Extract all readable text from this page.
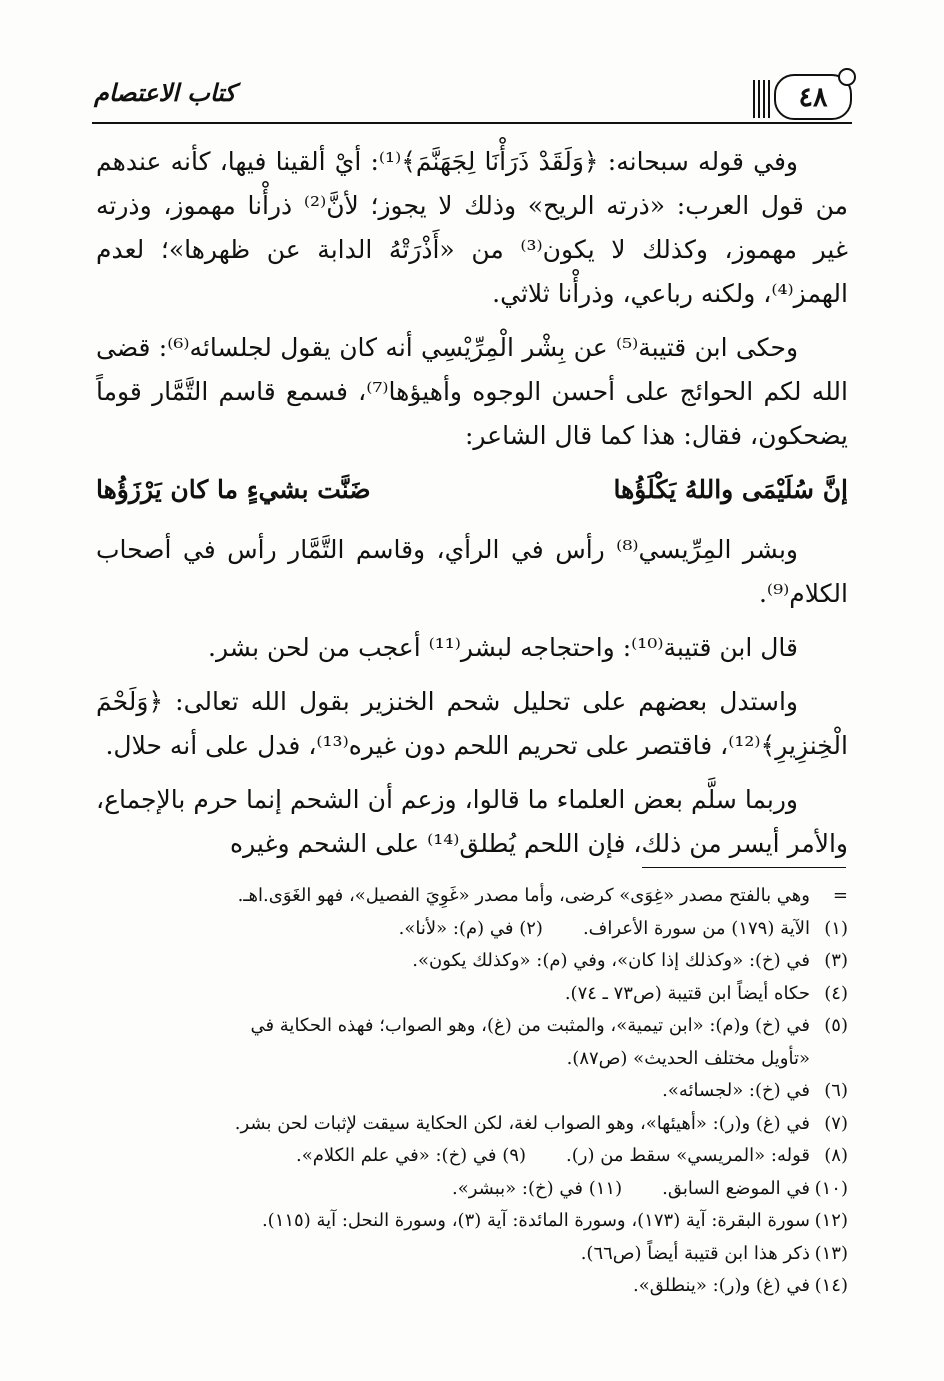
٤٨
كتاب الاعتصام

وفي قوله سبحانه: ﴿وَلَقَدْ ذَرَأْنَا لِجَهَنَّمَ﴾⁽¹⁾: أيْ ألقينا فيها، كأنه عندهم من قول العرب: «ذرته الريح» وذلك لا يجوز؛ لأنَّ⁽²⁾ ذرأْنا مهموز، وذرته غير مهموز، وكذلك لا يكون⁽³⁾ من «أَذْرَتْهُ الدابة عن ظهرها»؛ لعدم الهمز⁽⁴⁾، ولكنه رباعي، وذرأْنا ثلاثي.

وحكى ابن قتيبة⁽⁵⁾ عن بِشْر الْمِرِّيْسِي أنه كان يقول لجلسائه⁽⁶⁾: قضى الله لكم الحوائج على أحسن الوجوه وأهيؤها⁽⁷⁾، فسمع قاسم التَّمَّار قوماً يضحكون، فقال: هذا كما قال الشاعر:

إنَّ سُلَيْمَى واللهُ يَكْلَؤُها
ضَنَّت بشيءٍ ما كان يَرْزَؤُها

وبشر المِرِّيسي⁽⁸⁾ رأس في الرأي، وقاسم التَّمَّار رأس في أصحاب الكلام⁽⁹⁾.

قال ابن قتيبة⁽¹⁰⁾: واحتجاجه لبشر⁽¹¹⁾ أعجب من لحن بشر.

واستدل بعضهم على تحليل شحم الخنزير بقول الله تعالى: ﴿وَلَحْمَ الْخِنزِيرِ﴾⁽¹²⁾، فاقتصر على تحريم اللحم دون غيره⁽¹³⁾، فدل على أنه حلال.

وربما سلَّم بعض العلماء ما قالوا، وزعم أن الشحم إنما حرم بالإجماع، والأمر أيسر من ذلك، فإن اللحم يُطلق⁽¹⁴⁾ على الشحم وغيره

=
وهي بالفتح مصدر «غِوَى» كرضى، وأما مصدر «غَوِيَ الفصيل»، فهو الغَوَى.اهـ.
(١)الآية (١٧٩) من سورة الأعراف.
(٢) في (م): «لأنا».
(٣)
في (خ): «وكذلك إذا كان»، وفي (م): «وكذلك يكون».
(٤)
حكاه أيضاً ابن قتيبة (ص٧٣ ـ ٧٤).
(٥)
في (خ) و(م): «ابن تيمية»، والمثبت من (غ)، وهو الصواب؛ فهذه الحكاية في
«تأويل مختلف الحديث» (ص٨٧).
(٦)
في (خ): «لجسائه».
(٧)
في (غ) و(ر): «أهيئها»، وهو الصواب لغة، لكن الحكاية سيقت لإثبات لحن بشر.
(٨)قوله: «المريسي» سقط من (ر).
(٩) في (خ): «في علم الكلام».
(١٠)في الموضع السابق.
(١١) في (خ): «ببشر».
(١٢)
سورة البقرة: آية (١٧٣)، وسورة المائدة: آية (٣)، وسورة النحل: آية (١١٥).
(١٣)
ذكر هذا ابن قتيبة أيضاً (ص٦٦).
(١٤)
في (غ) و(ر): «ينطلق».
